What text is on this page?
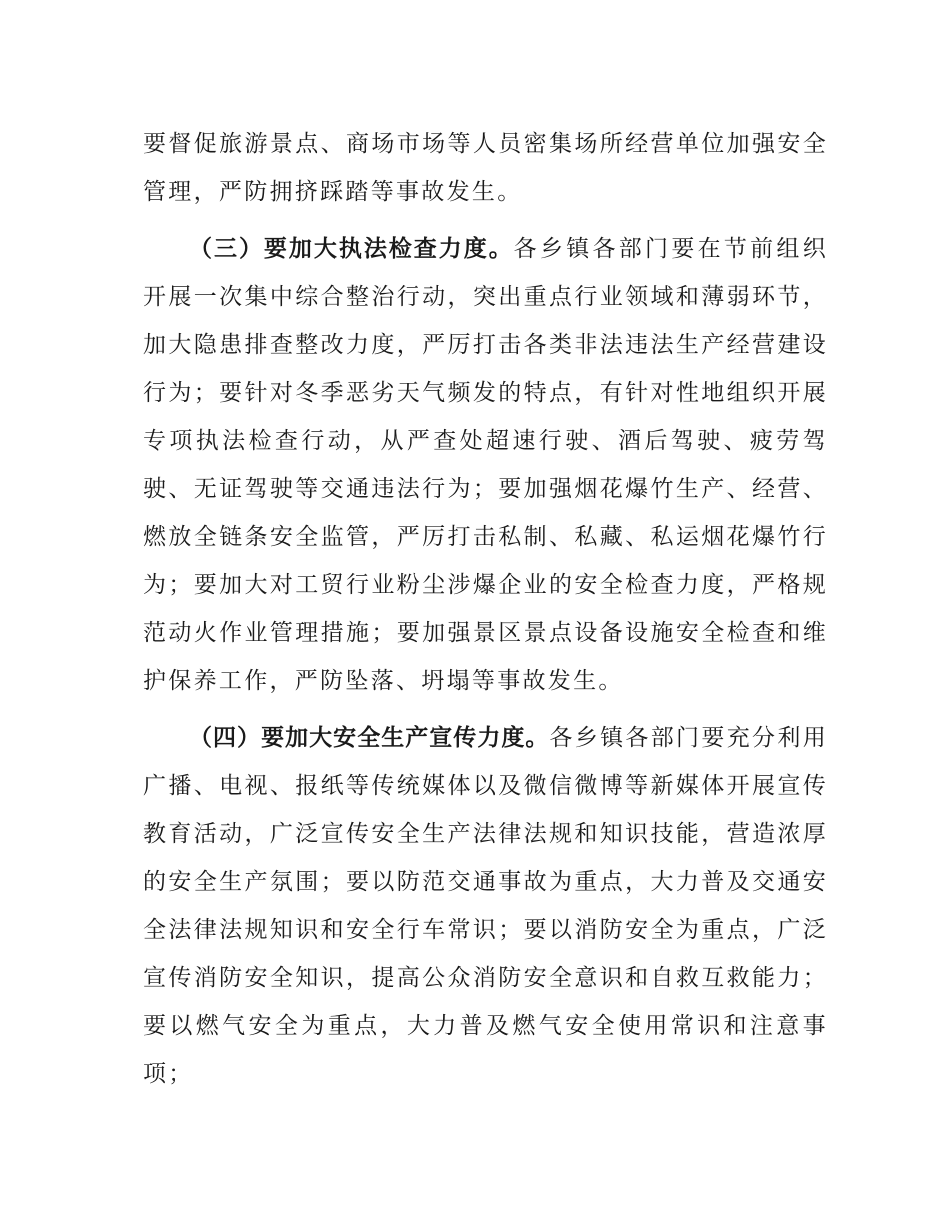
要督促旅游景点、商场市场等人员密集场所经营单位加强安全管理，严防拥挤踩踏等事故发生。

（三）要加大执法检查力度。各乡镇各部门要在节前组织开展一次集中综合整治行动，突出重点行业领域和薄弱环节，加大隐患排查整改力度，严厉打击各类非法违法生产经营建设行为；要针对冬季恶劣天气频发的特点，有针对性地组织开展专项执法检查行动，从严查处超速行驶、酒后驾驶、疲劳驾驶、无证驾驶等交通违法行为；要加强烟花爆竹生产、经营、燃放全链条安全监管，严厉打击私制、私藏、私运烟花爆竹行为；要加大对工贸行业粉尘涉爆企业的安全检查力度，严格规范动火作业管理措施；要加强景区景点设备设施安全检查和维护保养工作，严防坠落、坍塌等事故发生。

（四）要加大安全生产宣传力度。各乡镇各部门要充分利用广播、电视、报纸等传统媒体以及微信微博等新媒体开展宣传教育活动，广泛宣传安全生产法律法规和知识技能，营造浓厚的安全生产氛围；要以防范交通事故为重点，大力普及交通安全法律法规知识和安全行车常识；要以消防安全为重点，广泛宣传消防安全知识，提高公众消防安全意识和自救互救能力；要以燃气安全为重点，大力普及燃气安全使用常识和注意事项；
